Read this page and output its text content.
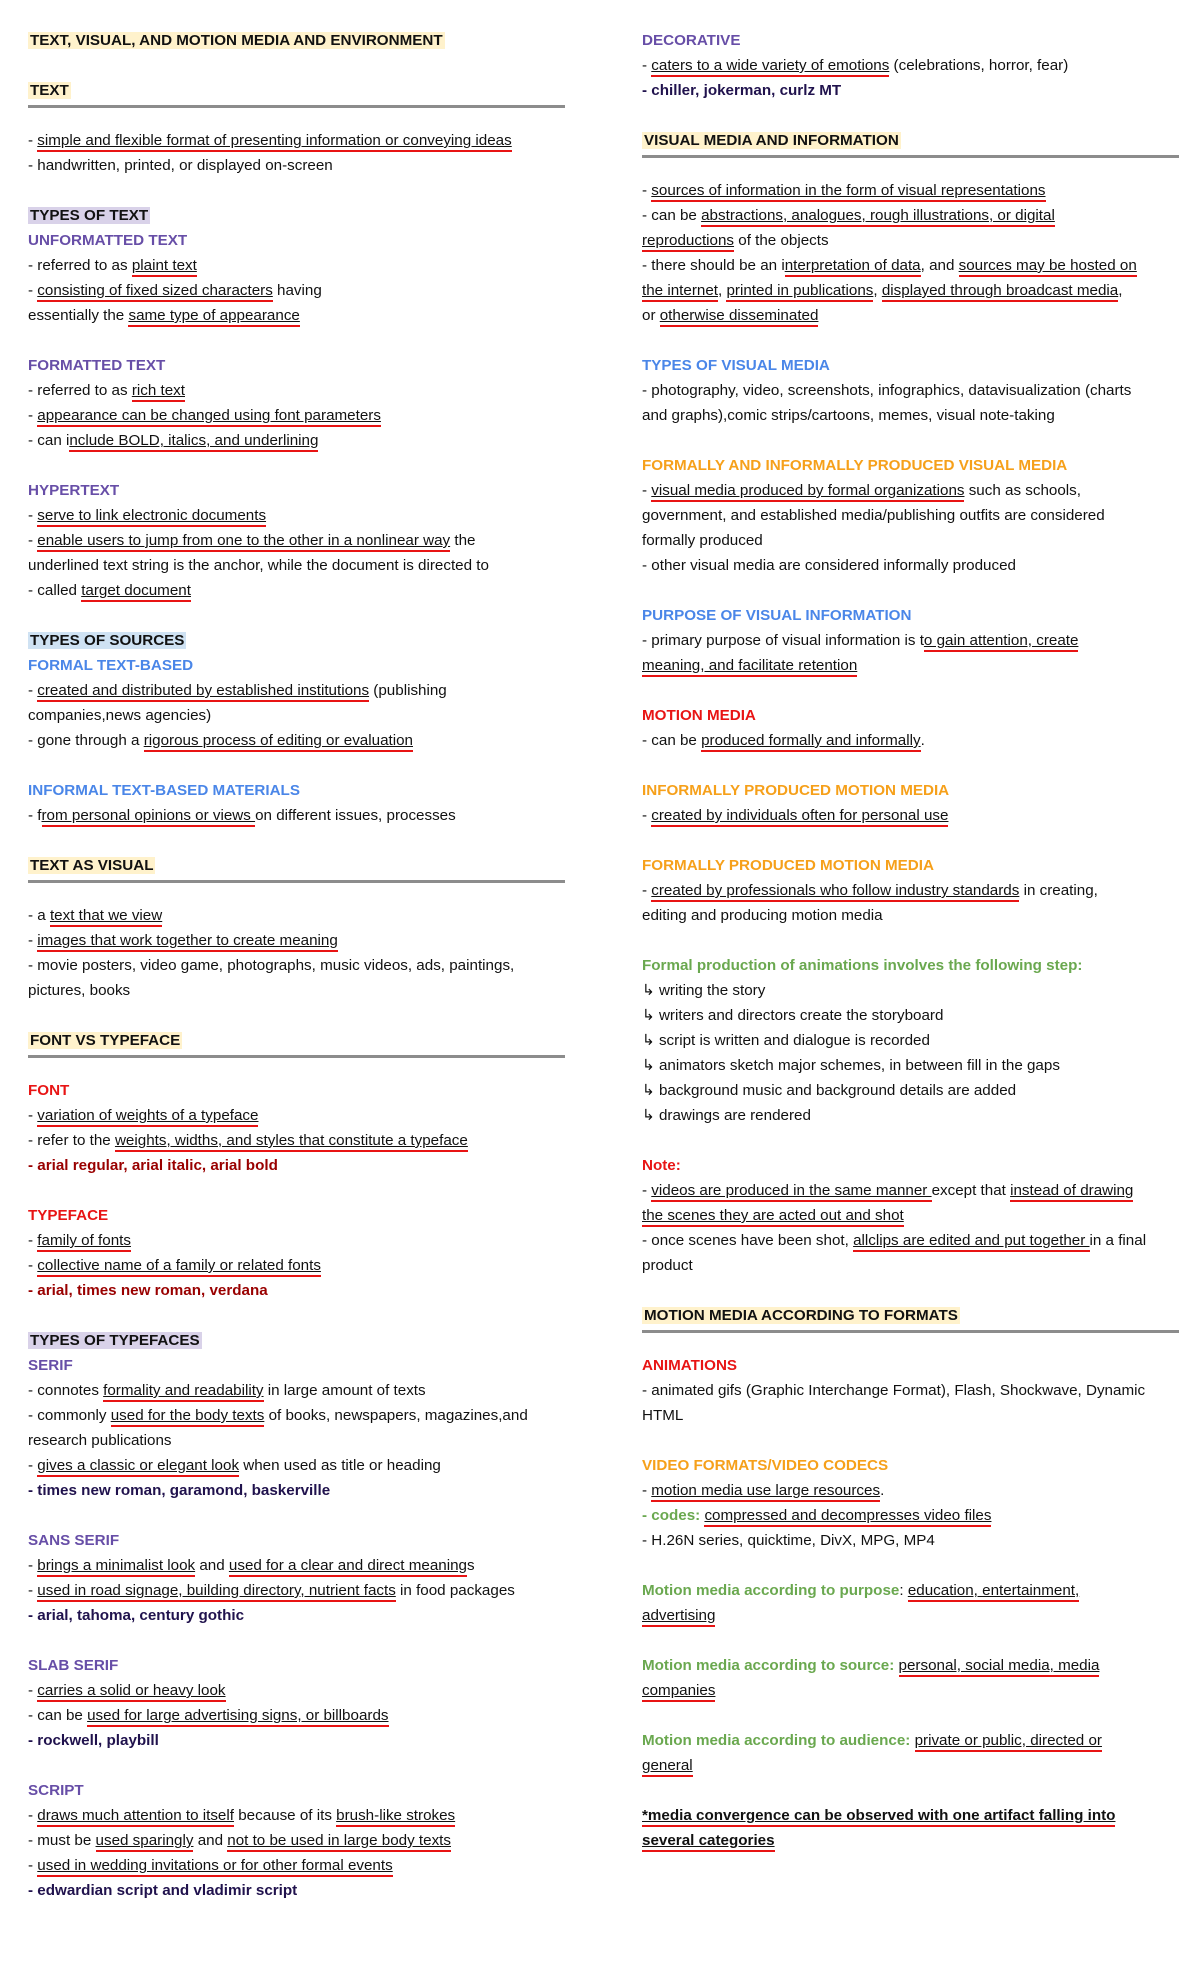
TEXT, VISUAL, AND MOTION MEDIA AND ENVIRONMENT
TEXT
- simple and flexible format of presenting information or conveying ideas
- handwritten, printed, or displayed on-screen
TYPES OF TEXT
UNFORMATTED TEXT
- referred to as plaint text
- consisting of fixed sized characters having
essentially the same type of appearance
FORMATTED TEXT
- referred to as rich text
- appearance can be changed using font parameters
- can include BOLD, italics, and underlining
HYPERTEXT
- serve to link electronic documents
- enable users to jump from one to the other in a nonlinear way the
underlined text string is the anchor, while the document is directed to
- called target document
TYPES OF SOURCES
FORMAL TEXT-BASED
- created and distributed by established institutions (publishing
companies,news agencies)
- gone through a rigorous process of editing or evaluation
INFORMAL TEXT-BASED MATERIALS
- from personal opinions or views on different issues, processes
TEXT AS VISUAL
- a text that we view
- images that work together to create meaning
- movie posters, video game, photographs, music videos, ads, paintings,
pictures, books
FONT VS TYPEFACE
FONT
- variation of weights of a typeface
- refer to the weights, widths, and styles that constitute a typeface
- arial regular, arial italic, arial bold
TYPEFACE
- family of fonts
- collective name of a family or related fonts
- arial, times new roman, verdana
TYPES OF TYPEFACES
SERIF
- connotes formality and readability in large amount of texts
- commonly used for the body texts of books, newspapers, magazines,and
research publications
- gives a classic or elegant look when used as title or heading
- times new roman, garamond, baskerville
SANS SERIF
- brings a minimalist look and used for a clear and direct meanings
- used in road signage, building directory, nutrient facts in food packages
- arial, tahoma, century gothic
SLAB SERIF
- carries a solid or heavy look
- can be used for large advertising signs, or billboards
- rockwell, playbill
SCRIPT
- draws much attention to itself because of its brush-like strokes
- must be used sparingly and not to be used in large body texts
- used in wedding invitations or for other formal events
- edwardian script and vladimir script
DECORATIVE
- caters to a wide variety of emotions (celebrations, horror, fear)
- chiller, jokerman, curlz MT
VISUAL MEDIA AND INFORMATION
- sources of information in the form of visual representations
- can be abstractions, analogues, rough illustrations, or digital
reproductions of the objects
- there should be an interpretation of data, and sources may be hosted on
the internet, printed in publications, displayed through broadcast media,
or otherwise disseminated
TYPES OF VISUAL MEDIA
- photography, video, screenshots, infographics, datavisualization (charts
and graphs),comic strips/cartoons, memes, visual note-taking
FORMALLY AND INFORMALLY PRODUCED VISUAL MEDIA
- visual media produced by formal organizations such as schools,
government, and established media/publishing outfits are considered
formally produced
- other visual media are considered informally produced
PURPOSE OF VISUAL INFORMATION
- primary purpose of visual information is to gain attention, create
meaning, and facilitate retention
MOTION MEDIA
- can be produced formally and informally.
INFORMALLY PRODUCED MOTION MEDIA
- created by individuals often for personal use
FORMALLY PRODUCED MOTION MEDIA
- created by professionals who follow industry standards in creating,
editing and producing motion media
Formal production of animations involves the following step:
↳ writing the story
↳ writers and directors create the storyboard
↳ script is written and dialogue is recorded
↳ animators sketch major schemes, in between fill in the gaps
↳ background music and background details are added
↳ drawings are rendered
Note:
- videos are produced in the same manner except that instead of drawing
the scenes they are acted out and shot
- once scenes have been shot, allclips are edited and put together in a final
product
MOTION MEDIA ACCORDING TO FORMATS
ANIMATIONS
- animated gifs (Graphic Interchange Format), Flash, Shockwave, Dynamic
HTML
VIDEO FORMATS/VIDEO CODECS
- motion media use large resources.
- codes: compressed and decompresses video files
- H.26N series, quicktime, DivX, MPG, MP4
Motion media according to purpose: education, entertainment,
advertising
Motion media according to source: personal, social media, media
companies
Motion media according to audience: private or public, directed or
general
*media convergence can be observed with one artifact falling into
several categories
